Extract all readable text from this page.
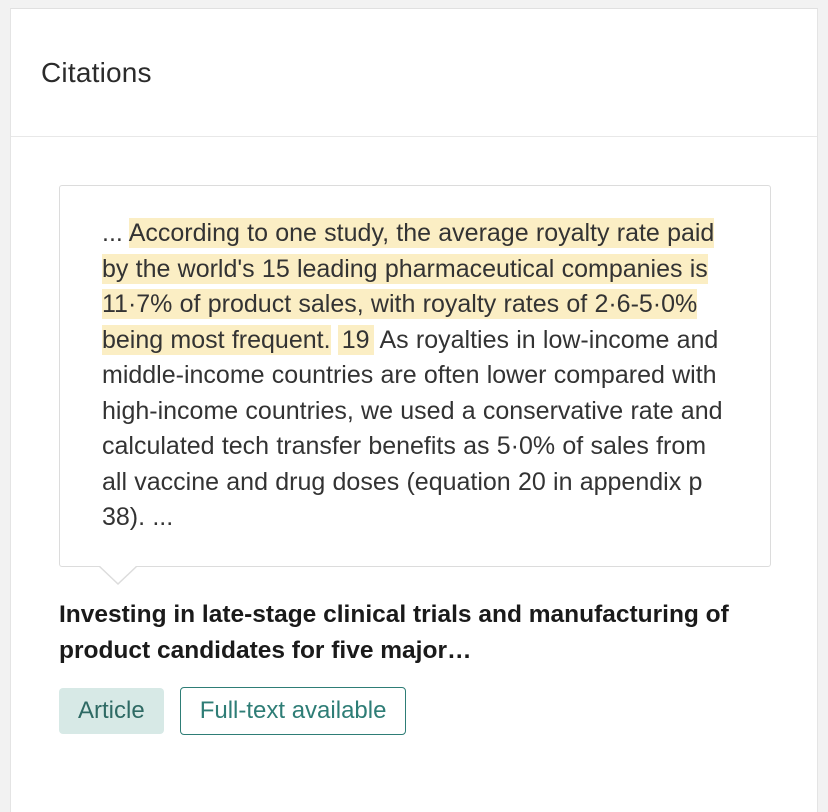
Citations
... According to one study, the average royalty rate paid by the world's 15 leading pharmaceutical companies is 11·7% of product sales, with royalty rates of 2·6-5·0% being most frequent. 19 As royalties in low-income and middle-income countries are often lower compared with high-income countries, we used a conservative rate and calculated tech transfer benefits as 5·0% of sales from all vaccine and drug doses (equation 20 in appendix p 38). ...
Investing in late-stage clinical trials and manufacturing of product candidates for five major…
Article	Full-text available
